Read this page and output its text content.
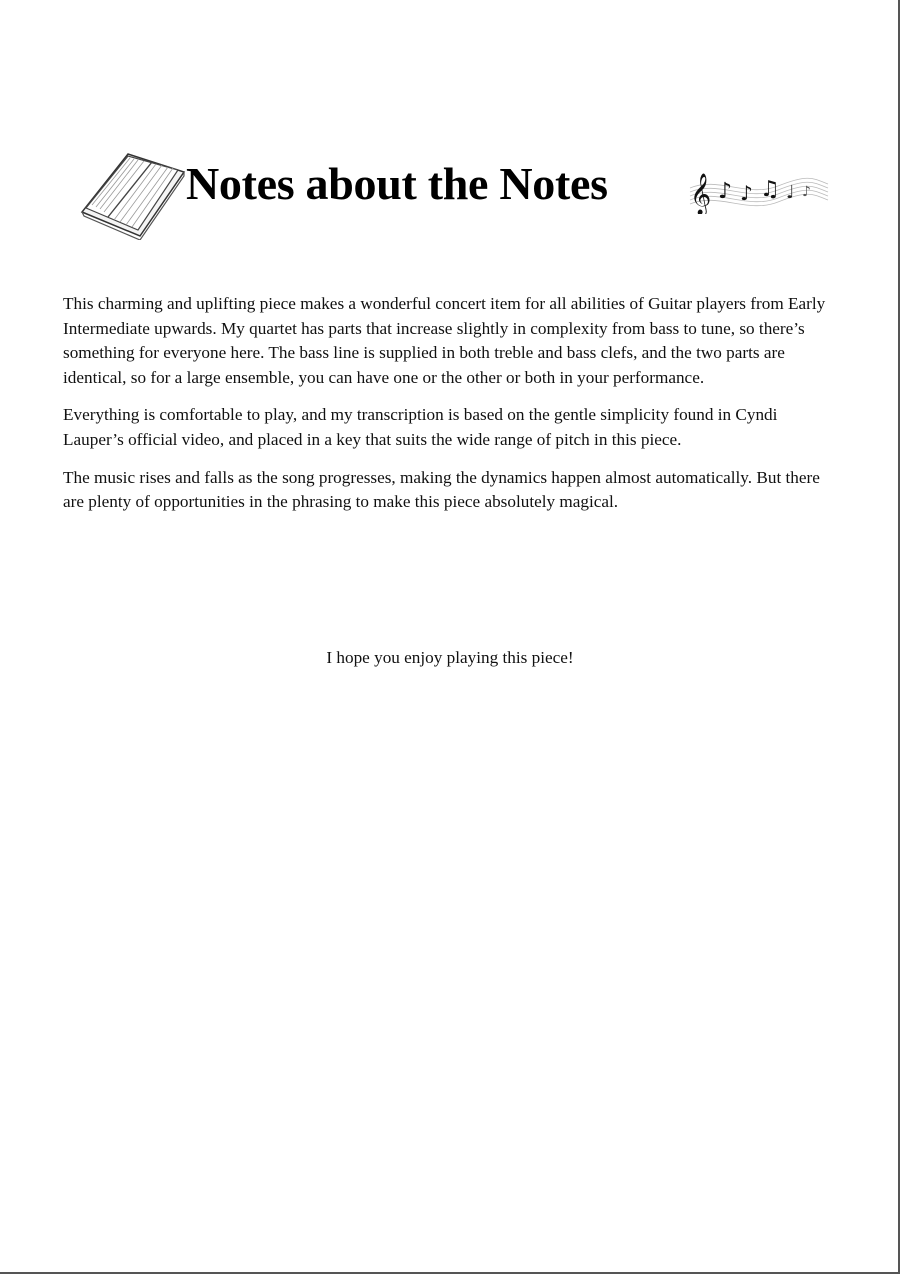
Notes about the Notes 𝄞 ♪ ♪ ♫ ♩ ♪

This charming and uplifting piece makes a wonderful concert item for all abilities of Guitar players from Early Intermediate upwards. My quartet has parts that increase slightly in complexity from bass to tune, so there’s something for everyone here. The bass line is supplied in both treble and bass clefs, and the two parts are identical, so for a large ensemble, you can have one or the other or both in your performance.

Everything is comfortable to play, and my transcription is based on the gentle simplicity found in Cyndi Lauper’s official video, and placed in a key that suits the wide range of pitch in this piece.

The music rises and falls as the song progresses, making the dynamics happen almost automatically. But there are plenty of opportunities in the phrasing to make this piece absolutely magical.

I hope you enjoy playing this piece!
